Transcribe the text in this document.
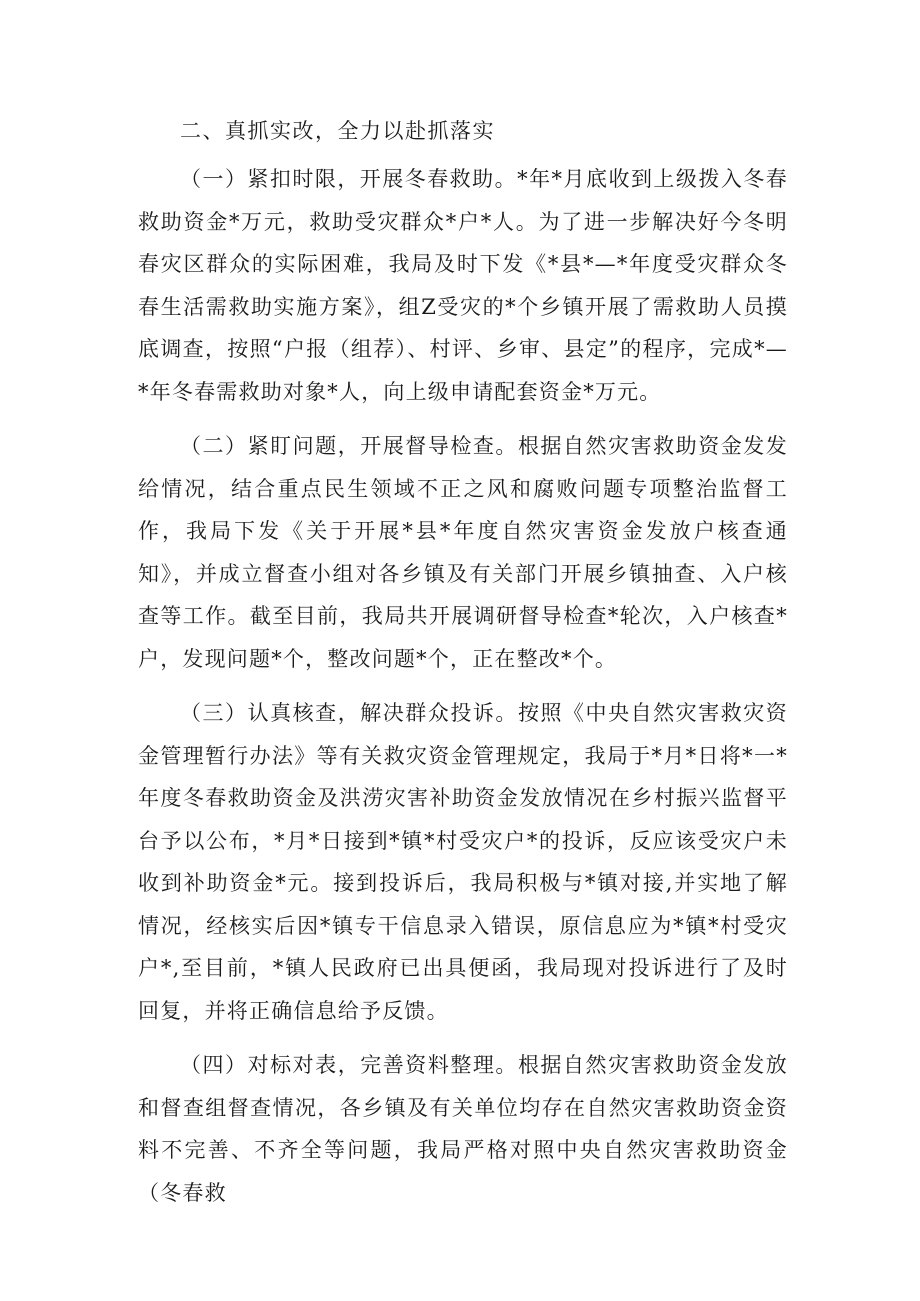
二、真抓实改，全力以赴抓落实

（一）紧扣时限，开展冬春救助。*年*月底收到上级拨入冬春救助资金*万元，救助受灾群众*户*人。为了进一步解决好今冬明春灾区群众的实际困难，我局及时下发《*县*—*年度受灾群众冬春生活需救助实施方案》，组Z受灾的*个乡镇开展了需救助人员摸底调查，按照“户报（组荐）、村评、乡审、县定”的程序，完成*—*年冬春需救助对象*人，向上级申请配套资金*万元。

（二）紧盯问题，开展督导检查。根据自然灾害救助资金发发给情况，结合重点民生领域不正之风和腐败问题专项整治监督工作，我局下发《关于开展*县*年度自然灾害资金发放户核查通知》，并成立督查小组对各乡镇及有关部门开展乡镇抽查、入户核查等工作。截至目前，我局共开展调研督导检查*轮次，入户核查*户，发现问题*个，整改问题*个，正在整改*个。

（三）认真核查，解决群众投诉。按照《中央自然灾害救灾资金管理暂行办法》等有关救灾资金管理规定，我局于*月*日将*一*年度冬春救助资金及洪涝灾害补助资金发放情况在乡村振兴监督平台予以公布，*月*日接到*镇*村受灾户*的投诉，反应该受灾户未收到补助资金*元。接到投诉后，我局积极与*镇对接,并实地了解情况，经核实后因*镇专干信息录入错误，原信息应为*镇*村受灾户*,至目前，*镇人民政府已出具便函，我局现对投诉进行了及时回复，并将正确信息给予反馈。

（四）对标对表，完善资料整理。根据自然灾害救助资金发放和督查组督查情况，各乡镇及有关单位均存在自然灾害救助资金资料不完善、不齐全等问题，我局严格对照中央自然灾害救助资金（冬春救
